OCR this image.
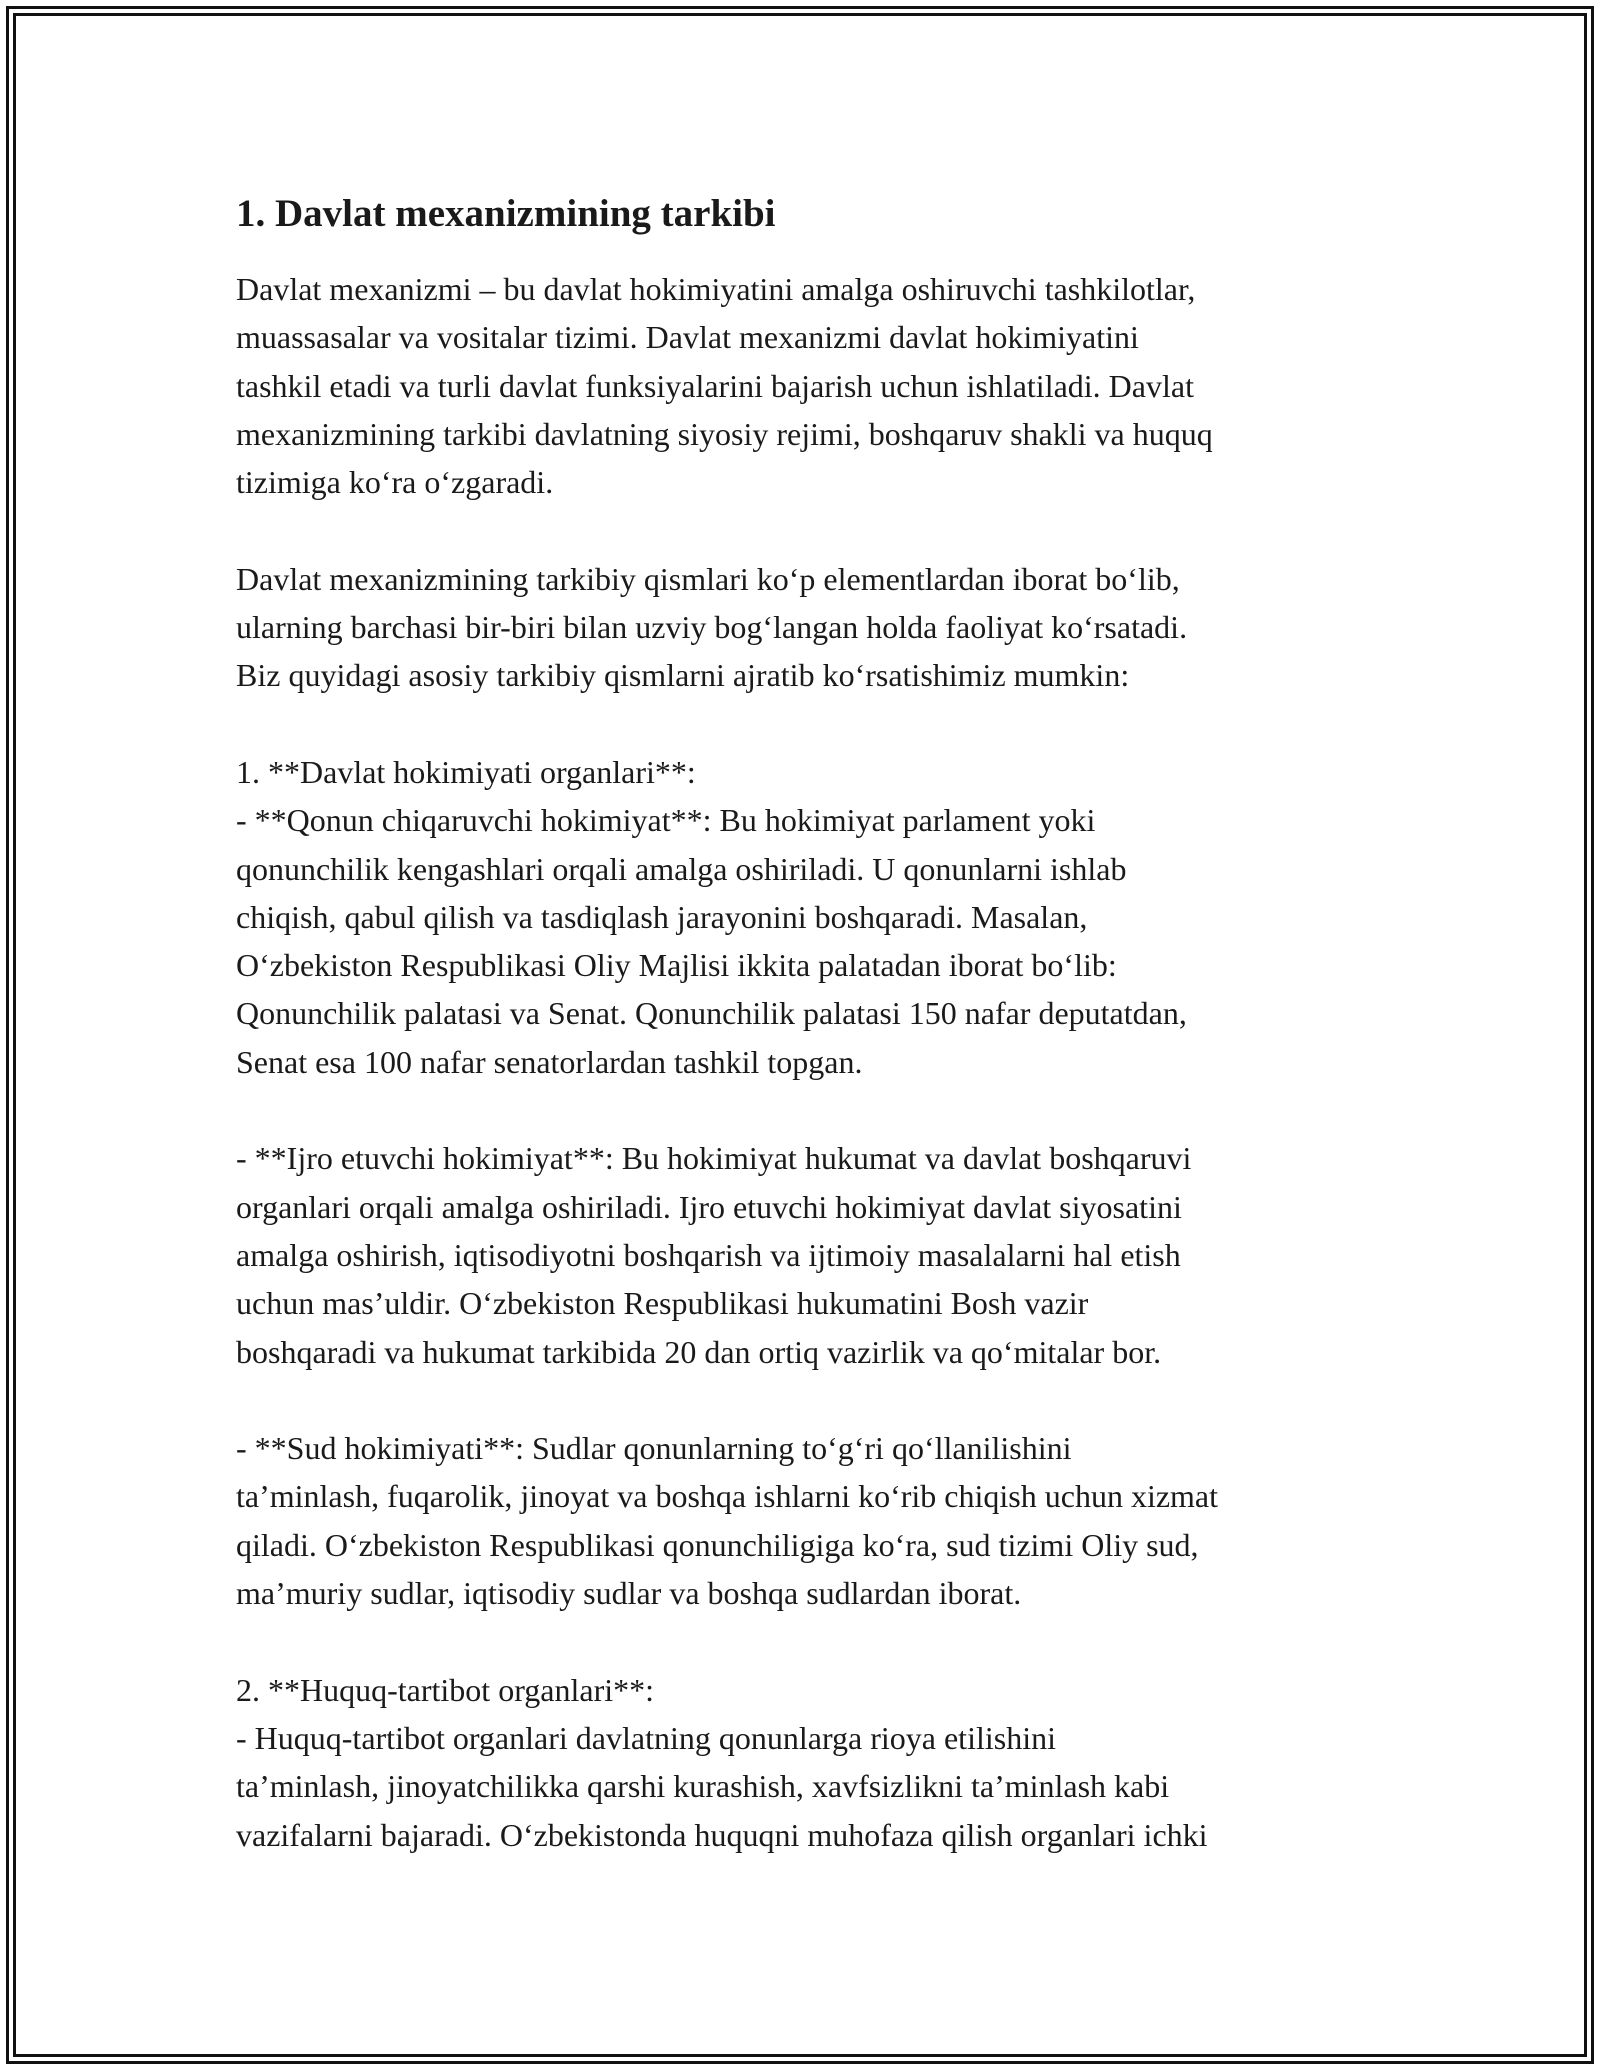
1. Davlat mexanizmining tarkibi

Davlat mexanizmi – bu davlat hokimiyatini amalga oshiruvchi tashkilotlar,
muassasalar va vositalar tizimi. Davlat mexanizmi davlat hokimiyatini
tashkil etadi va turli davlat funksiyalarini bajarish uchun ishlatiladi. Davlat
mexanizmining tarkibi davlatning siyosiy rejimi, boshqaruv shakli va huquq
tizimiga ko‘ra o‘zgaradi.

Davlat mexanizmining tarkibiy qismlari ko‘p elementlardan iborat bo‘lib,
ularning barchasi bir-biri bilan uzviy bog‘langan holda faoliyat ko‘rsatadi.
Biz quyidagi asosiy tarkibiy qismlarni ajratib ko‘rsatishimiz mumkin:

1. **Davlat hokimiyati organlari**:
- **Qonun chiqaruvchi hokimiyat**: Bu hokimiyat parlament yoki
qonunchilik kengashlari orqali amalga oshiriladi. U qonunlarni ishlab
chiqish, qabul qilish va tasdiqlash jarayonini boshqaradi. Masalan,
O‘zbekiston Respublikasi Oliy Majlisi ikkita palatadan iborat bo‘lib:
Qonunchilik palatasi va Senat. Qonunchilik palatasi 150 nafar deputatdan,
Senat esa 100 nafar senatorlardan tashkil topgan.

- **Ijro etuvchi hokimiyat**: Bu hokimiyat hukumat va davlat boshqaruvi
organlari orqali amalga oshiriladi. Ijro etuvchi hokimiyat davlat siyosatini
amalga oshirish, iqtisodiyotni boshqarish va ijtimoiy masalalarni hal etish
uchun mas’uldir. O‘zbekiston Respublikasi hukumatini Bosh vazir
boshqaradi va hukumat tarkibida 20 dan ortiq vazirlik va qo‘mitalar bor.

- **Sud hokimiyati**: Sudlar qonunlarning to‘g‘ri qo‘llanilishini
ta’minlash, fuqarolik, jinoyat va boshqa ishlarni ko‘rib chiqish uchun xizmat
qiladi. O‘zbekiston Respublikasi qonunchiligiga ko‘ra, sud tizimi Oliy sud,
ma’muriy sudlar, iqtisodiy sudlar va boshqa sudlardan iborat.

2. **Huquq-tartibot organlari**:
- Huquq-tartibot organlari davlatning qonunlarga rioya etilishini
ta’minlash, jinoyatchilikka qarshi kurashish, xavfsizlikni ta’minlash kabi
vazifalarni bajaradi. O‘zbekistonda huquqni muhofaza qilish organlari ichki
